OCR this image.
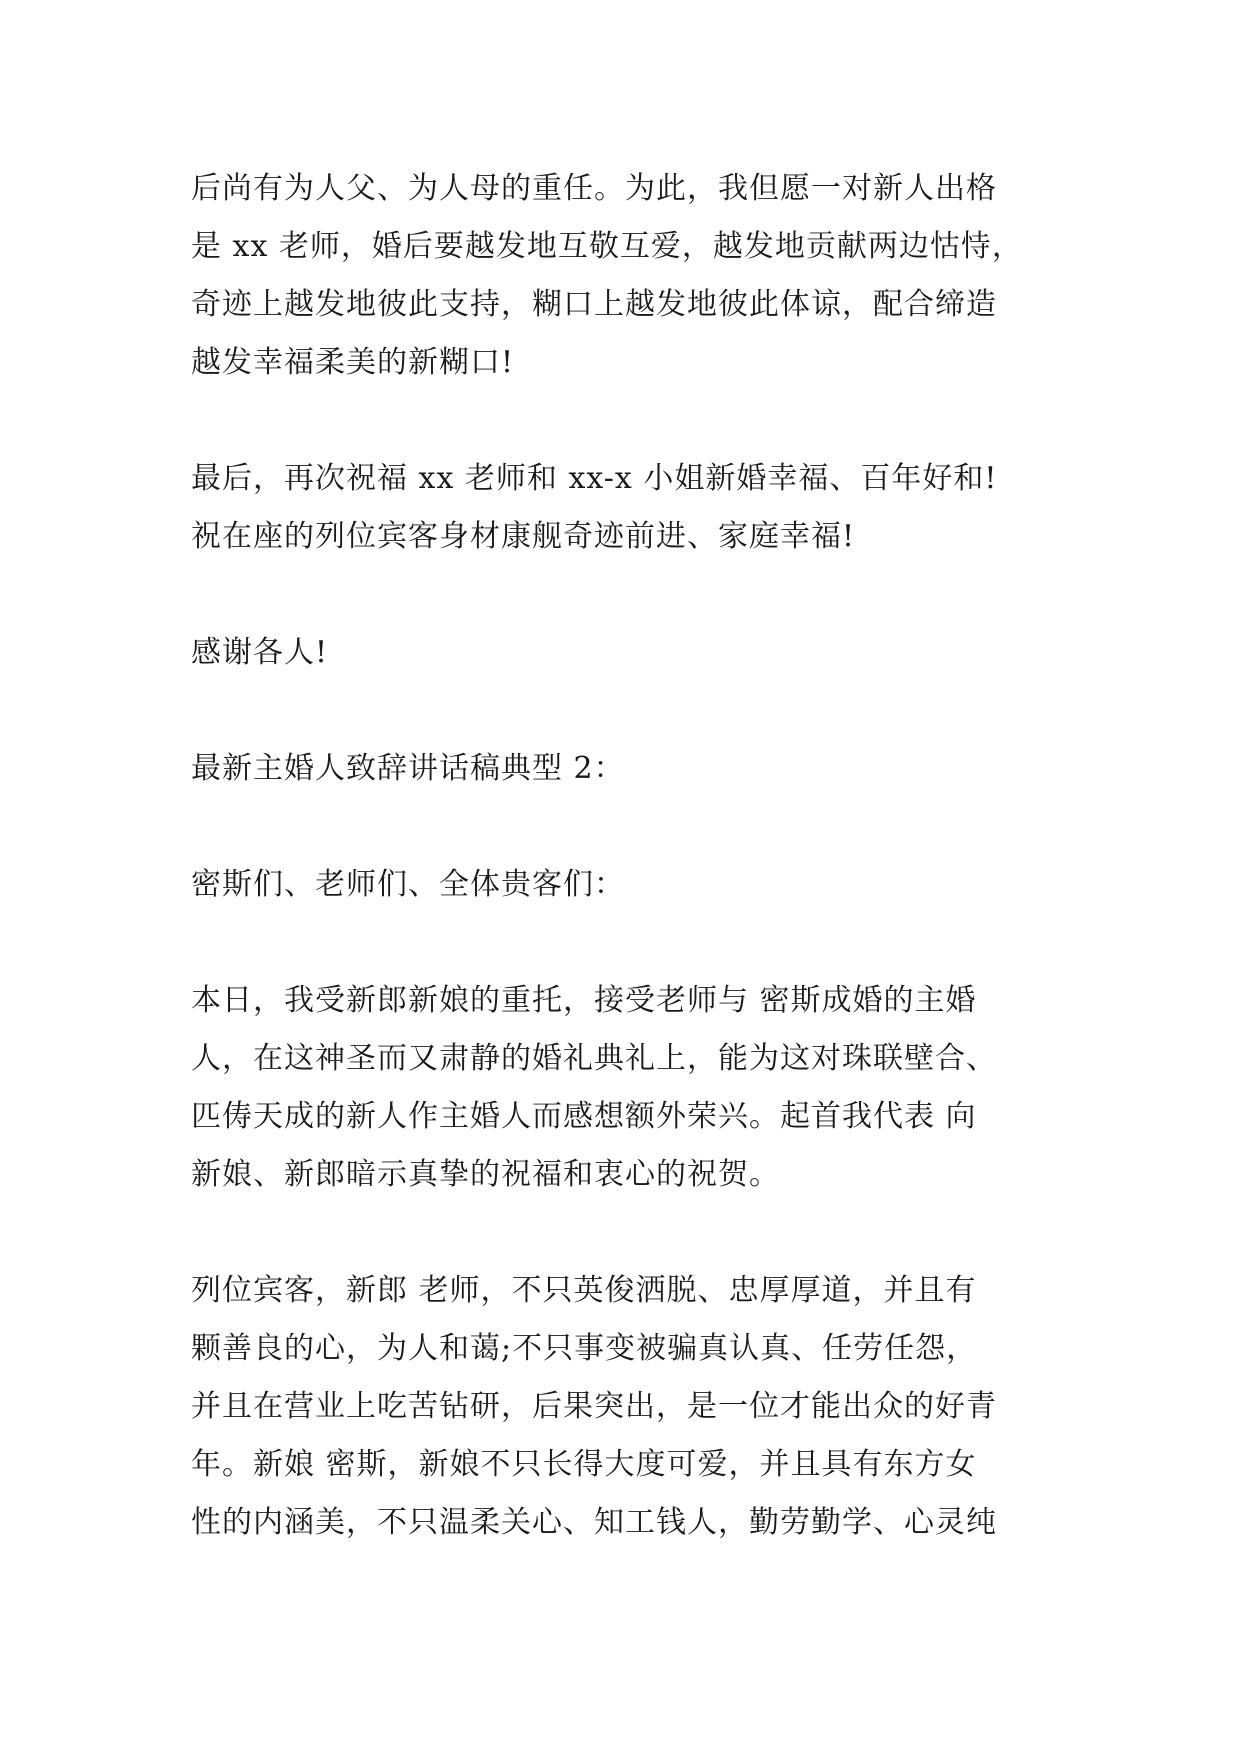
后尚有为人父、为人母的重任。为此，我但愿一对新人出格
是 xx 老师，婚后要越发地互敬互爱，越发地贡献两边怙恃，
奇迹上越发地彼此支持，糊口上越发地彼此体谅，配合缔造
越发幸福柔美的新糊口!
最后，再次祝福 xx 老师和 xx-x 小姐新婚幸福、百年好和!
祝在座的列位宾客身材康舰奇迹前进、家庭幸福!
感谢各人!
最新主婚人致辞讲话稿典型 2：
密斯们、老师们、全体贵客们：
本日，我受新郎新娘的重托，接受老师与 密斯成婚的主婚
人，在这神圣而又肃静的婚礼典礼上，能为这对珠联壁合、
匹俦天成的新人作主婚人而感想额外荣兴。起首我代表 向
新娘、新郎暗示真挚的祝福和衷心的祝贺。
列位宾客，新郎 老师，不只英俊洒脱、忠厚厚道，并且有
颗善良的心，为人和蔼;不只事变被骗真认真、任劳任怨，
并且在营业上吃苦钻研，后果突出，是一位才能出众的好青
年。新娘 密斯，新娘不只长得大度可爱，并且具有东方女
性的内涵美，不只温柔关心、知工钱人，勤劳勤学、心灵纯
